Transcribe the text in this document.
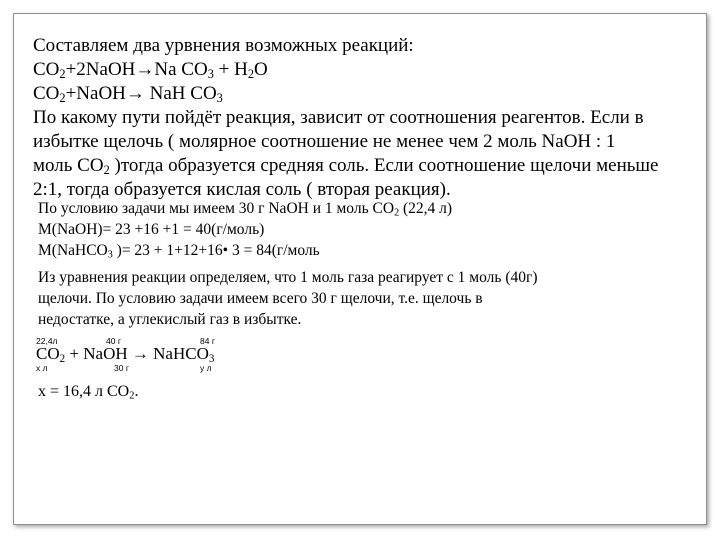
Составляем два урвнения возможных реакций:
$CO_2+2NaOH\to Na$ $CO_3 + H_2O$
$CO_2+NaOH\to$ NaH $CO_3$
По какому пути пойдёт реакция, зависит от соотношения реагентов. Если в
избытке щелочь ( молярное соотношение не менее чем 2 моль NaOH : 1
моль $CO_2$ )тогда образуется средняя соль. Если соотношение щелочи меньше
2:1, тогда образуется кислая соль ( вторая реакция).
По условию задачи мы имеем 30 г NaOH и 1 моль $CO_2$ (22,4 л)
M(NaOH)= 23 +16 +1 = 40(г/моль)
M(NaHCO$_3$ )= 23 + 1+12+16• 3 = 84(г/моль
Из уравнения реакции определяем, что 1 моль газа реагирует с 1 моль (40г)
щелочи. По условию задачи имеем всего 30 г щелочи, т.е. щелочь в
недостатке, а углекислый газ в избытке.
22,4л	40 г	84 г
$CO_2$ + NaOH → NaHCO$_3$
х л	30 г	у л
х = 16,4 л $CO_2$.
